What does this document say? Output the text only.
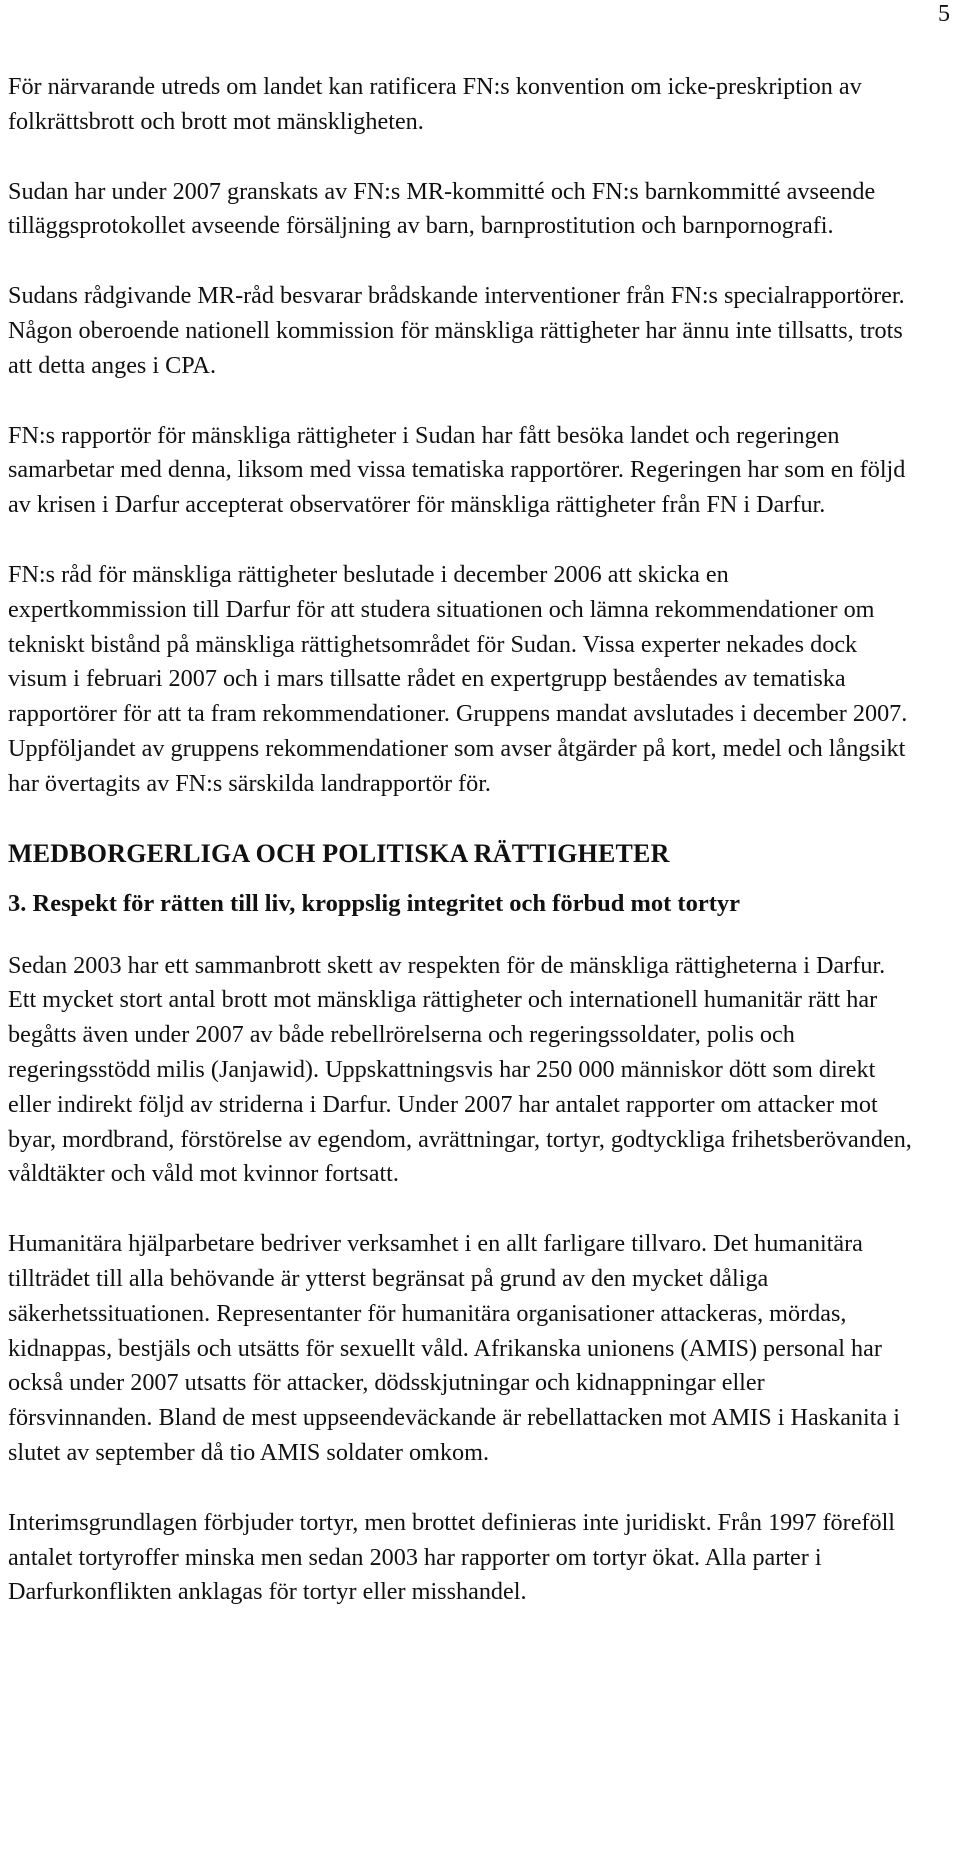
5

För närvarande utreds om landet kan ratificera FN:s konvention om icke-preskription av folkrättsbrott och brott mot mänskligheten.

Sudan har under 2007 granskats av FN:s MR-kommitté och FN:s barnkommitté avseende tilläggsprotokollet avseende försäljning av barn, barnprostitution och barnpornografi.

Sudans rådgivande MR-råd besvarar brådskande interventioner från FN:s specialrapportörer. Någon oberoende nationell kommission för mänskliga rättigheter har ännu inte tillsatts, trots att detta anges i CPA.

FN:s rapportör för mänskliga rättigheter i Sudan har fått besöka landet och regeringen samarbetar med denna, liksom med vissa tematiska rapportörer. Regeringen har som en följd av krisen i Darfur accepterat observatörer för mänskliga rättigheter från FN i Darfur.

FN:s råd för mänskliga rättigheter beslutade i december 2006 att skicka en expertkommission till Darfur för att studera situationen och lämna rekommendationer om tekniskt bistånd på mänskliga rättighetsområdet för Sudan. Vissa experter nekades dock visum i februari 2007 och i mars tillsatte rådet en expertgrupp beståendes av tematiska rapportörer för att ta fram rekommendationer. Gruppens mandat avslutades i december 2007. Uppföljandet av gruppens rekommendationer som avser åtgärder på kort, medel och långsikt har övertagits av FN:s särskilda landrapportör för.

MEDBORGERLIGA OCH POLITISKA RÄTTIGHETER
3. Respekt för rätten till liv, kroppslig integritet och förbud mot tortyr

Sedan 2003 har ett sammanbrott skett av respekten för de mänskliga rättigheterna i Darfur. Ett mycket stort antal brott mot mänskliga rättigheter och internationell humanitär rätt har begåtts även under 2007 av både rebellrörelserna och regeringssoldater, polis och regeringsstödd milis (Janjawid). Uppskattningsvis har 250 000 människor dött som direkt eller indirekt följd av striderna i Darfur. Under 2007 har antalet rapporter om attacker mot byar, mordbrand, förstörelse av egendom, avrättningar, tortyr, godtyckliga frihetsberövanden, våldtäkter och våld mot kvinnor fortsatt.

Humanitära hjälparbetare bedriver verksamhet i en allt farligare tillvaro. Det humanitära tillträdet till alla behövande är ytterst begränsat på grund av den mycket dåliga säkerhetssituationen. Representanter för humanitära organisationer attackeras, mördas, kidnappas, bestjäls och utsätts för sexuellt våld. Afrikanska unionens (AMIS) personal har också under 2007 utsatts för attacker, dödsskjutningar och kidnappningar eller försvinnanden. Bland de mest uppseendeväckande är rebellattacken mot AMIS i Haskanita i slutet av september då tio AMIS soldater omkom.

Interimsgrundlagen förbjuder tortyr, men brottet definieras inte juridiskt. Från 1997 föreföll antalet tortyroffer minska men sedan 2003 har rapporter om tortyr ökat. Alla parter i Darfurkonflikten anklagas för tortyr eller misshandel.
